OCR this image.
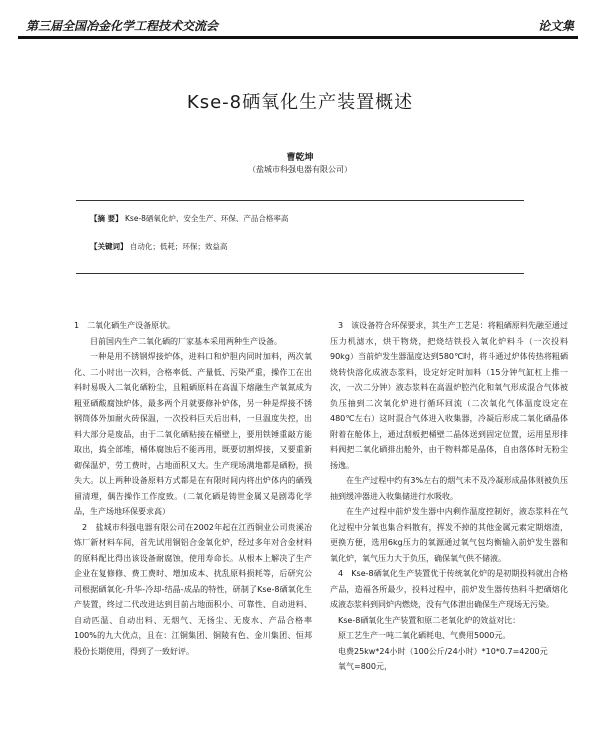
第三届全国冶金化学工程技术交流会	论文集
Kse-8硒氧化生产装置概述
曹乾坤
（盐城市科强电器有限公司）
【摘 要】 Kse-8硒氧化炉、安全生产、环保、产品合格率高
【关键词】 自动化；低耗；环保；效益高

1　二氧化硒生产设备原状。

目前国内生产二氧化硒的厂家基本采用两种生产设备。

一种是用不锈钢焊接炉体，进料口和炉胆内同时加料，两次氧化、二小时出一次料，合格率低、产量低、污染严重，操作工在出料时易吸入二氧化硒粉尘，且粗硒原料在高温下熔融生产氧氮成为粗亚硒酸腐蚀炉体，最多两个月就要修补炉体，另一种是焊接不锈钢筒体外加耐火砖保温，一次投料巨天后出料，一旦温度失控，出料大部分是废品，由于二氧化硒粘接在桶壁上，要用铁锤重敲方能取出，捣全部堆，桶体腐蚀后不能再用，既要切割焊接，又要重新砌保温炉，劳工费时，占地面积又大。生产现场满地都是硒粉，损失大。以上两种设备原料方式都是在有限时间内将出炉体内的硒残留清理，偶告操作工作度致。（二氧化硒是铸世金属又是剧毒化学品，生产场地环保要求高）

2　盐城市科强电器有限公司在2002年起在江西铜业公司贵溪冶炼厂新材料车间，首先试用铜铝合金氧化炉，经过多年对合金材料的原料配比得出该设备耐腐蚀，使用寿命长。从根本上解决了生产企业在复修修、费工费时、增加成本、扰乱原料损耗等，后研究公司根据硒氧化-升华-冷却-结晶-成品的特性，研制了Kse-8硒氧化生产装置，终过二代改进达到目前占地面积小、可靠性、自动进料、自动匹温、自动出料、无烟气、无扬尘、无废水、产品合格率100%的九大优点，且在：江铜集团、铜陵有色、金川集团、恒邦股份长期使用，得到了一致好评。

3　该设备符合环保要求，其生产工艺是：将粗硒原料先融至通过压力机滤水，烘干物烧，把烧结铁投入氧化炉料斗（一次投料90kg）当前炉发生器温度达到580℃时，将斗通过炉体传热将粗硒烧转快溶化成液态浆料，设定好定时加料（15分钟气缸杠上推一次，一次二分钟）液态浆料在高温炉腔汽化和氧气形成混合气体被负压抽到二次氧化炉进行循环回流（二次氧化气体温度设定在480℃左右）这时混合气体进入收集器，冷凝后形成二氧化硒晶体附着在舱体上，通过刮板把桶壁二晶体送到固定位置，运用星形排料阀把二氧化硒排出舱外，由于物料都是晶体，自由落体时无粉尘扬逸。

在生产过程中约有3%左右的烟气未不及冷凝形成晶体则被负压抽到缓冲器进入收集储进行水吸收。

在生产过程中前炉发生器中内剩作温度控制好，液态浆料在气化过程中分氧也集合料散有，挥发不掉的其他金属元素定期熔渣，更换方便，选用6kg压力的氧源通过氧气包均衡输入前炉发生器和氧化炉，氧气压力大于负压，确保氧气供不储液。

4　Kse-8硒氧化生产装置优于传统氧化炉的是初期投料就出合格产品，造福各所最少，投料过程中，前炉发生器传热料斗把硒熔化成液态浆料到同炉内燃烧，没有气体泄出确保生产现场无污染。

Kse-8硒氧化生产装置和原二老氧化炉的效益对比：

原工艺生产一吨二氧化硒耗电、气费用5000元。

电费25kw*24小时（100公斤/24小时）*10*0.7=4200元

氧气=800元，
